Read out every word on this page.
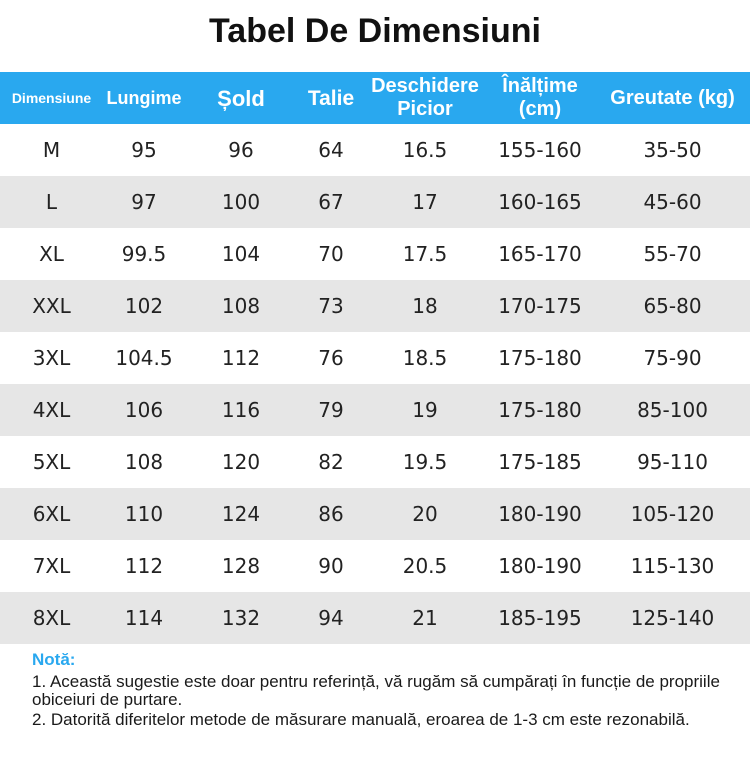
Tabel De Dimensiuni
Dimensiune	Lungime	Șold	Talie	Deschidere Picior	Înălțime (cm)	Greutate (kg)
M	95	96	64	16.5	155-160	35-50
L	97	100	67	17	160-165	45-60
XL	99.5	104	70	17.5	165-170	55-70
XXL	102	108	73	18	170-175	65-80
3XL	104.5	112	76	18.5	175-180	75-90
4XL	106	116	79	19	175-180	85-100
5XL	108	120	82	19.5	175-185	95-110
6XL	110	124	86	20	180-190	105-120
7XL	112	128	90	20.5	180-190	115-130
8XL	114	132	94	21	185-195	125-140
Notă:
1. Această sugestie este doar pentru referință, vă rugăm să cumpărați în funcție de propriile obiceiuri de purtare.
2. Datorită diferitelor metode de măsurare manuală, eroarea de 1-3 cm este rezonabilă.
